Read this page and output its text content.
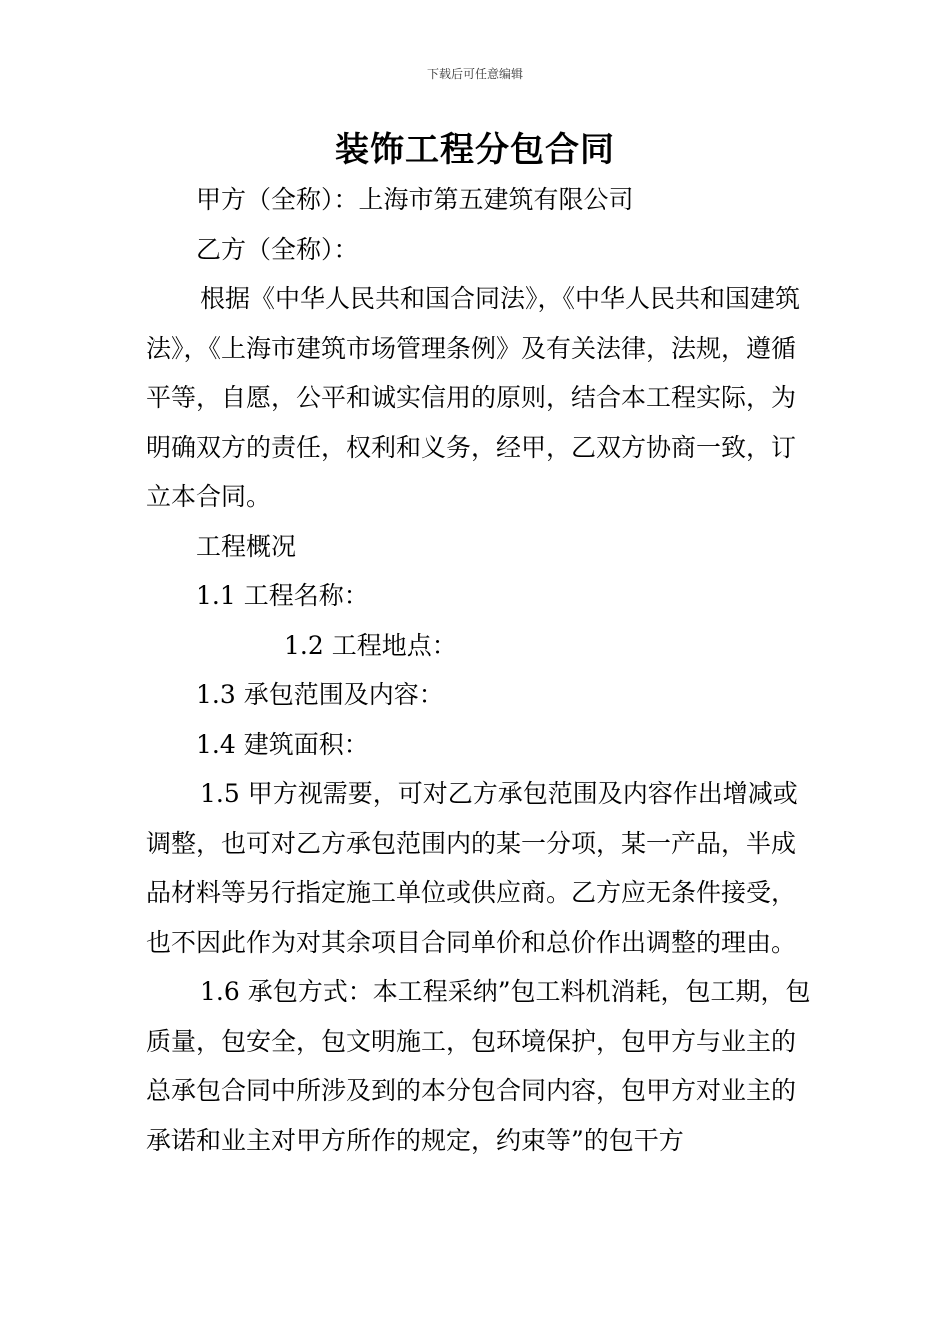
下载后可任意编辑
装饰工程分包合同

甲方（全称）：上海市第五建筑有限公司

乙方（全称）：

根据《中华人民共和国合同法》，《中华人民共和国建筑法》，《上海市建筑市场管理条例》及有关法律，法规，遵循平等，自愿，公平和诚实信用的原则，结合本工程实际，为明确双方的责任，权利和义务，经甲，乙双方协商一致，订立本合同。

工程概况

1.1 工程名称：

1.2 工程地点：

1.3 承包范围及内容：

1.4 建筑面积：

1.5 甲方视需要，可对乙方承包范围及内容作出增减或调整，也可对乙方承包范围内的某一分项，某一产品，半成品材料等另行指定施工单位或供应商。乙方应无条件接受，也不因此作为对其余项目合同单价和总价作出调整的理由。

1.6 承包方式：本工程采纳”包工料机消耗，包工期，包质量，包安全，包文明施工，包环境保护，包甲方与业主的总承包合同中所涉及到的本分包合同内容，包甲方对业主的承诺和业主对甲方所作的规定，约束等”的包干方
